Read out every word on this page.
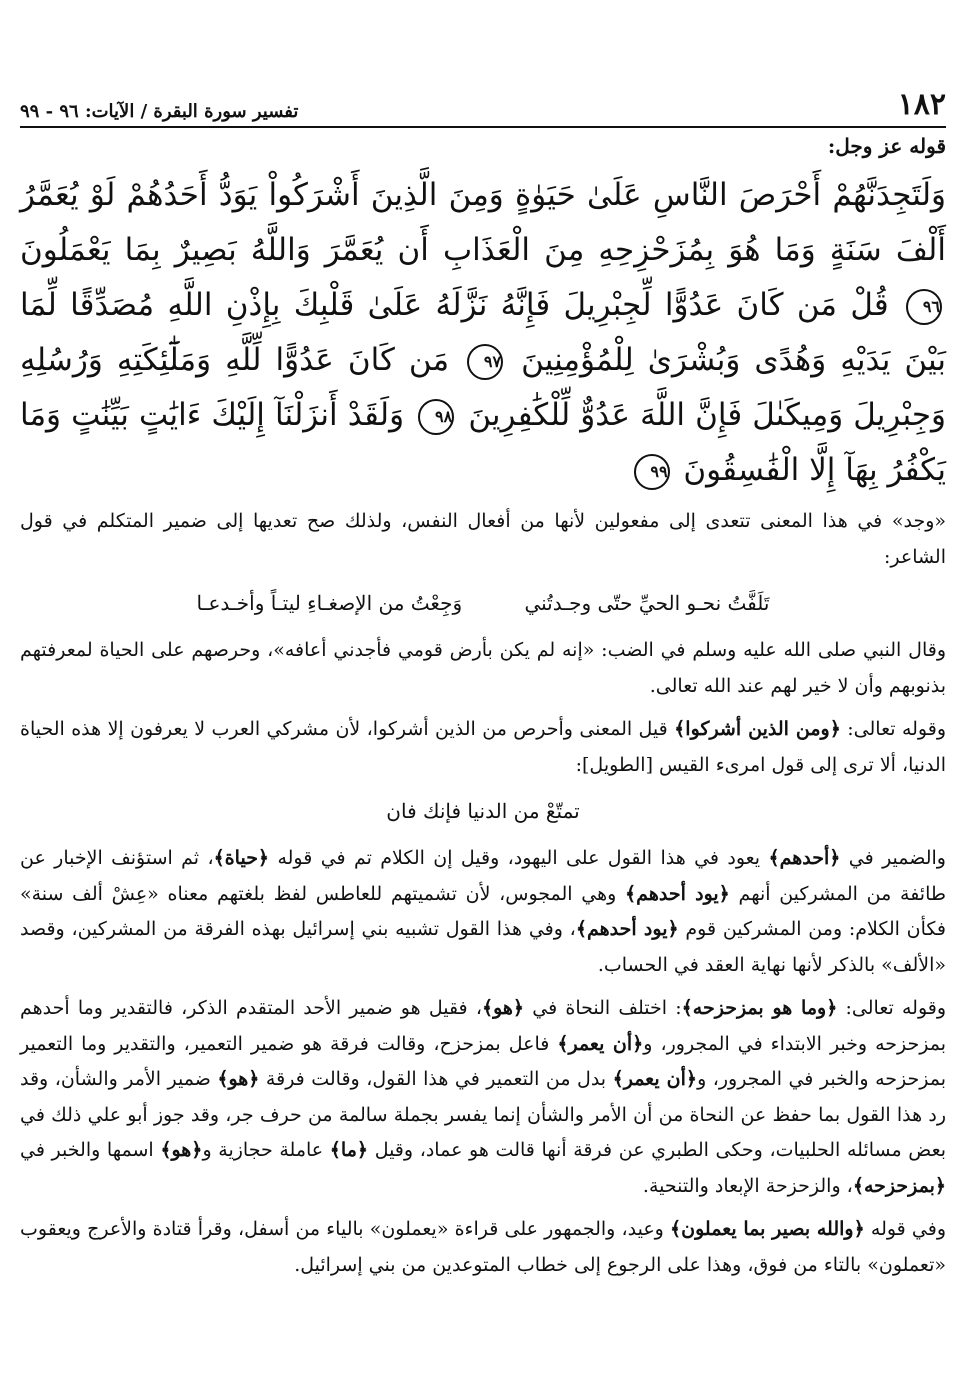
١٨٢
تفسير سورة البقرة / الآيات: ٩٦ - ٩٩

قوله عز وجل:

وَلَتَجِدَنَّهُمْ أَحْرَصَ النَّاسِ عَلَىٰ حَيَوٰةٍ وَمِنَ الَّذِينَ أَشْرَكُواْ يَوَدُّ أَحَدُهُمْ لَوْ يُعَمَّرُ أَلْفَ سَنَةٍ وَمَا هُوَ بِمُزَحْزِحِهِ مِنَ الْعَذَابِ أَن يُعَمَّرَ وَاللَّهُ بَصِيرٌ بِمَا يَعْمَلُونَ ٩٦ قُلْ مَن كَانَ عَدُوًّا لِّجِبْرِيلَ فَإِنَّهُ نَزَّلَهُ عَلَىٰ قَلْبِكَ بِإِذْنِ اللَّهِ مُصَدِّقًا لِّمَا بَيْنَ يَدَيْهِ وَهُدًى وَبُشْرَىٰ لِلْمُؤْمِنِينَ ٩٧ مَن كَانَ عَدُوًّا لِّلَّهِ وَمَلَٰٓئِكَتِهِ وَرُسُلِهِ وَجِبْرِيلَ وَمِيكَىٰلَ فَإِنَّ اللَّهَ عَدُوٌّ لِّلْكَٰفِرِينَ ٩٨ وَلَقَدْ أَنزَلْنَآ إِلَيْكَ ءَايَٰتٍ بَيِّنَٰتٍ وَمَا يَكْفُرُ بِهَآ إِلَّا الْفَٰسِقُونَ ٩٩

«وجد» في هذا المعنى تتعدى إلى مفعولين لأنها من أفعال النفس، ولذلك صح تعديها إلى ضمير المتكلم في قول الشاعر:

تَلَفَّتُ نحـو الحيِّ حتّى وجـدتُني وَجِعْتُ من الإصغـاءِ ليتـاً وأخـدعـا

وقال النبي صلى الله عليه وسلم في الضب: «إنه لم يكن بأرض قومي فأجدني أعافه»، وحرصهم على الحياة لمعرفتهم بذنوبهم وأن لا خير لهم عند الله تعالى.

وقوله تعالى: ﴿ومن الذين أشركوا﴾ قيل المعنى وأحرص من الذين أشركوا، لأن مشركي العرب لا يعرفون إلا هذه الحياة الدنيا، ألا ترى إلى قول امرىء القيس [الطويل]:

تمتّعْ من الدنيا فإنك فان

والضمير في ﴿أحدهم﴾ يعود في هذا القول على اليهود، وقيل إن الكلام تم في قوله ﴿حياة﴾، ثم استؤنف الإخبار عن طائفة من المشركين أنهم ﴿يود أحدهم﴾ وهي المجوس، لأن تشميتهم للعاطس لفظ بلغتهم معناه «عِشْ ألف سنة» فكأن الكلام: ومن المشركين قوم ﴿يود أحدهم﴾، وفي هذا القول تشبيه بني إسرائيل بهذه الفرقة من المشركين، وقصد «الألف» بالذكر لأنها نهاية العقد في الحساب.

وقوله تعالى: ﴿وما هو بمزحزحه﴾: اختلف النحاة في ﴿هو﴾، فقيل هو ضمير الأحد المتقدم الذكر، فالتقدير وما أحدهم بمزحزحه وخبر الابتداء في المجرور، و﴿أن يعمر﴾ فاعل بمزحزح، وقالت فرقة هو ضمير التعمير، والتقدير وما التعمير بمزحزحه والخبر في المجرور، و﴿أن يعمر﴾ بدل من التعمير في هذا القول، وقالت فرقة ﴿هو﴾ ضمير الأمر والشأن، وقد رد هذا القول بما حفظ عن النحاة من أن الأمر والشأن إنما يفسر بجملة سالمة من حرف جر، وقد جوز أبو علي ذلك في بعض مسائله الحلبيات، وحكى الطبري عن فرقة أنها قالت هو عماد، وقيل ﴿ما﴾ عاملة حجازية و﴿هو﴾ اسمها والخبر في ﴿بمزحزحه﴾، والزحزحة الإبعاد والتنحية.

وفي قوله ﴿والله بصير بما يعملون﴾ وعيد، والجمهور على قراءة «يعملون» بالياء من أسفل، وقرأ قتادة والأعرج ويعقوب «تعملون» بالتاء من فوق، وهذا على الرجوع إلى خطاب المتوعدين من بني إسرائيل.
